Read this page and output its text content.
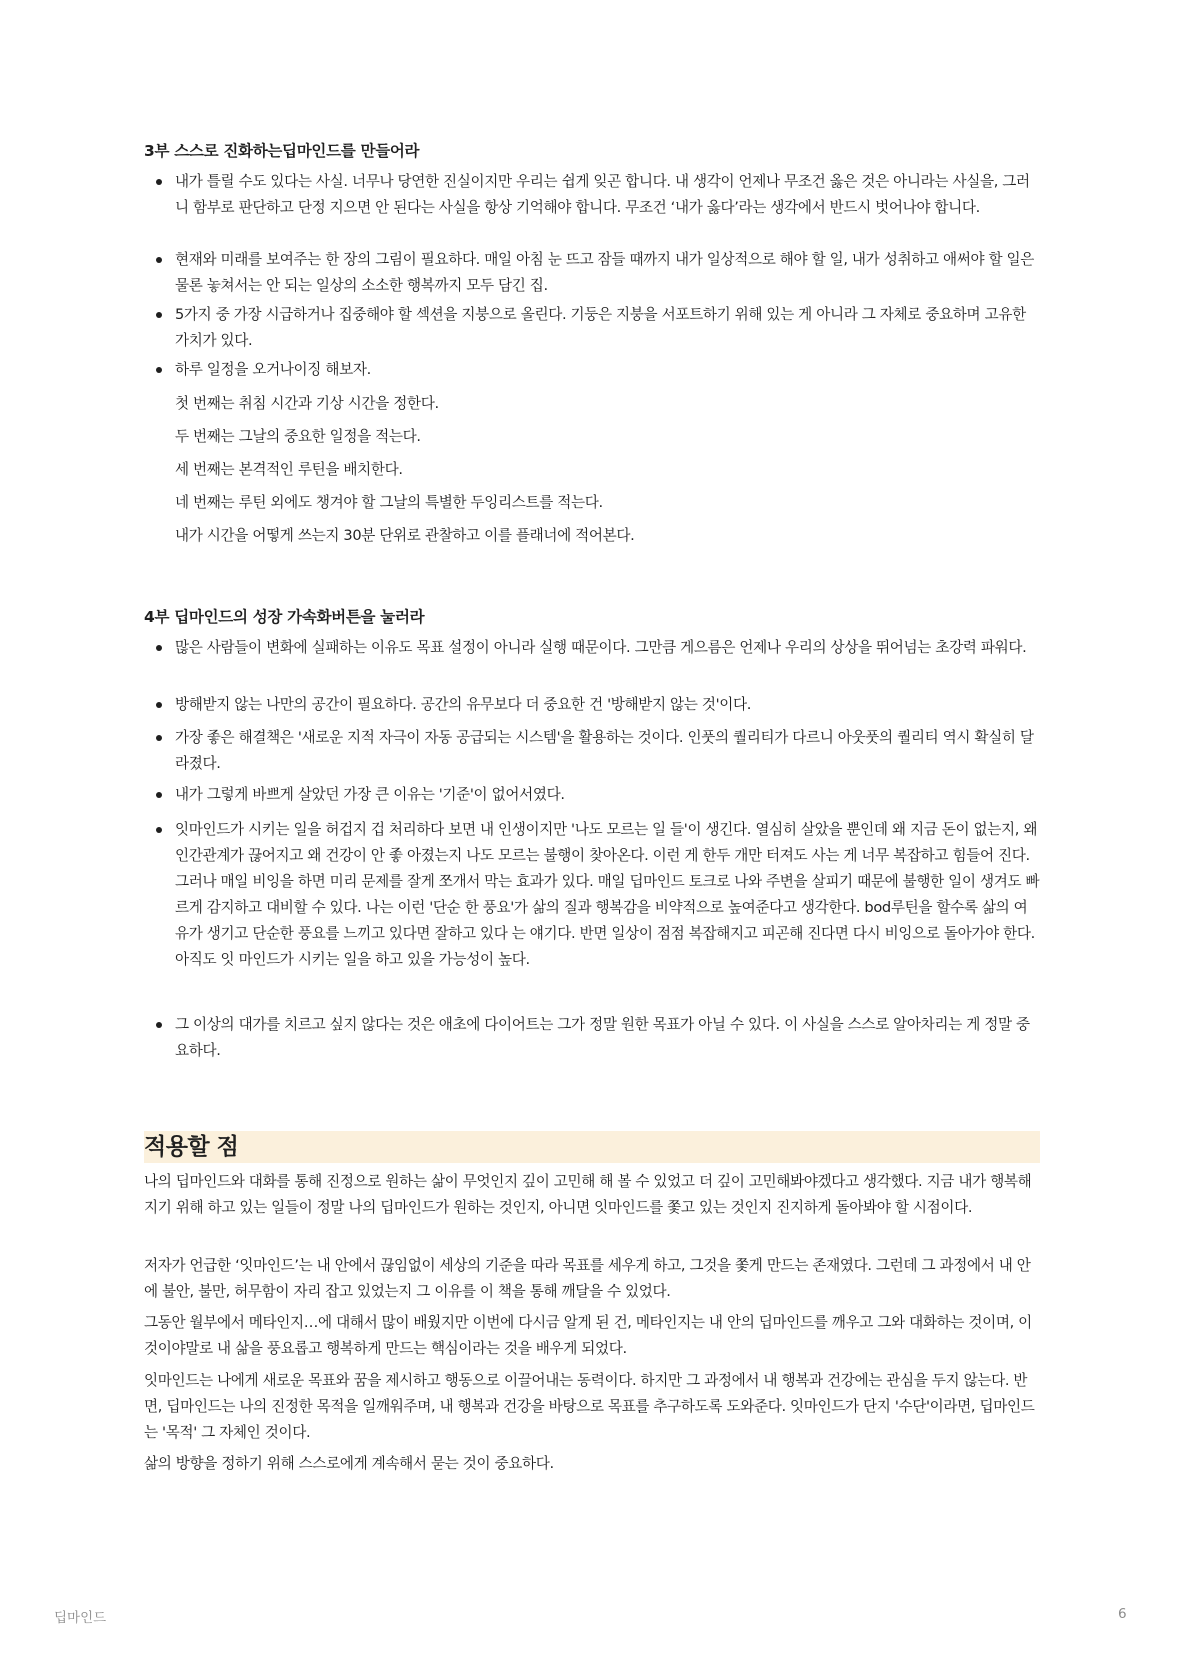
3부 스스로 진화하는딥마인드를 만들어라
내가 틀릴 수도 있다는 사실. 너무나 당연한 진실이지만 우리는 쉽게 잊곤 합니다. 내 생각이 언제나 무조건 옳은 것은 아니라는 사실을, 그러니 함부로 판단하고 단정 지으면 안 된다는 사실을 항상 기억해야 합니다. 무조건 ‘내가 옳다’라는 생각에서 반드시 벗어나야 합니다.
현재와 미래를 보여주는 한 장의 그림이 필요하다. 매일 아침 눈 뜨고 잠들 때까지 내가 일상적으로 해야 할 일, 내가 성취하고 애써야 할 일은 물론 놓쳐서는 안 되는 일상의 소소한 행복까지 모두 담긴 집.
5가지 중 가장 시급하거나 집중해야 할 섹션을 지붕으로 올린다. 기둥은 지붕을 서포트하기 위해 있는 게 아니라 그 자체로 중요하며 고유한 가치가 있다.
하루 일정을 오거나이징 해보자.
첫 번째는 취침 시간과 기상 시간을 정한다.
두 번째는 그날의 중요한 일정을 적는다.
세 번째는 본격적인 루틴을 배치한다.
네 번째는 루틴 외에도 챙겨야 할 그날의 특별한 두잉리스트를 적는다.
내가 시간을 어떻게 쓰는지 30분 단위로 관찰하고 이를 플래너에 적어본다.
4부 딥마인드의 성장 가속화버튼을 눌러라
많은 사람들이 변화에 실패하는 이유도 목표 설정이 아니라 실행 때문이다. 그만큼 게으름은 언제나 우리의 상상을 뛰어넘는 초강력 파워다.
방해받지 않는 나만의 공간이 필요하다. 공간의 유무보다 더 중요한 건 '방해받지 않는 것'이다.
가장 좋은 해결책은 '새로운 지적 자극이 자동 공급되는 시스템'을 활용하는 것이다. 인풋의 퀄리티가 다르니 아웃풋의 퀄리티 역시 확실히 달라졌다.
내가 그렇게 바쁘게 살았던 가장 큰 이유는 '기준'이 없어서였다.
잇마인드가 시키는 일을 허겁지 겁 처리하다 보면 내 인생이지만 '나도 모르는 일 들'이 생긴다. 열심히 살았을 뿐인데 왜 지금 돈이 없는지, 왜 인간관계가 끊어지고 왜 건강이 안 좋 아졌는지 나도 모르는 불행이 찾아온다. 이런 게 한두 개만 터져도 사는 게 너무 복잡하고 힘들어 진다. 그러나 매일 비잉을 하면 미리 문제를 잘게 쪼개서 막는 효과가 있다. 매일 딥마인드 토크로 나와 주변을 살피기 때문에 불행한 일이 생겨도 빠르게 감지하고 대비할 수 있다. 나는 이런 '단순 한 풍요'가 삶의 질과 행복감을 비약적으로 높여준다고 생각한다. bod루틴을 할수록 삶의 여유가 생기고 단순한 풍요를 느끼고 있다면 잘하고 있다 는 얘기다. 반면 일상이 점점 복잡해지고 피곤해 진다면 다시 비잉으로 돌아가야 한다. 아직도 잇 마인드가 시키는 일을 하고 있을 가능성이 높다.
그 이상의 대가를 치르고 싶지 않다는 것은 애초에 다이어트는 그가 정말 원한 목표가 아닐 수 있다. 이 사실을 스스로 알아차리는 게 정말 중요하다.
적용할 점

나의 딥마인드와 대화를 통해 진정으로 원하는 삶이 무엇인지 깊이 고민해 해 볼 수 있었고 더 깊이 고민해봐야겠다고 생각했다. 지금 내가 행복해지기 위해 하고 있는 일들이 정말 나의 딥마인드가 원하는 것인지, 아니면 잇마인드를 쫓고 있는 것인지 진지하게 돌아봐야 할 시점이다.

저자가 언급한 ‘잇마인드’는 내 안에서 끊임없이 세상의 기준을 따라 목표를 세우게 하고, 그것을 쫓게 만드는 존재였다. 그런데 그 과정에서 내 안에 불안, 불만, 허무함이 자리 잡고 있었는지 그 이유를 이 책을 통해 깨달을 수 있었다.

그동안 월부에서 메타인지…에 대해서 많이 배웠지만 이번에 다시금 알게 된 건, 메타인지는 내 안의 딥마인드를 깨우고 그와 대화하는 것이며, 이것이야말로 내 삶을 풍요롭고 행복하게 만드는 핵심이라는 것을 배우게 되었다.

잇마인드는 나에게 새로운 목표와 꿈을 제시하고 행동으로 이끌어내는 동력이다. 하지만 그 과정에서 내 행복과 건강에는 관심을 두지 않는다. 반면, 딥마인드는 나의 진정한 목적을 일깨워주며, 내 행복과 건강을 바탕으로 목표를 추구하도록 도와준다. 잇마인드가 단지 '수단'이라면, 딥마인드는 '목적' 그 자체인 것이다.

삶의 방향을 정하기 위해 스스로에게 계속해서 묻는 것이 중요하다.

딥마인드	6
